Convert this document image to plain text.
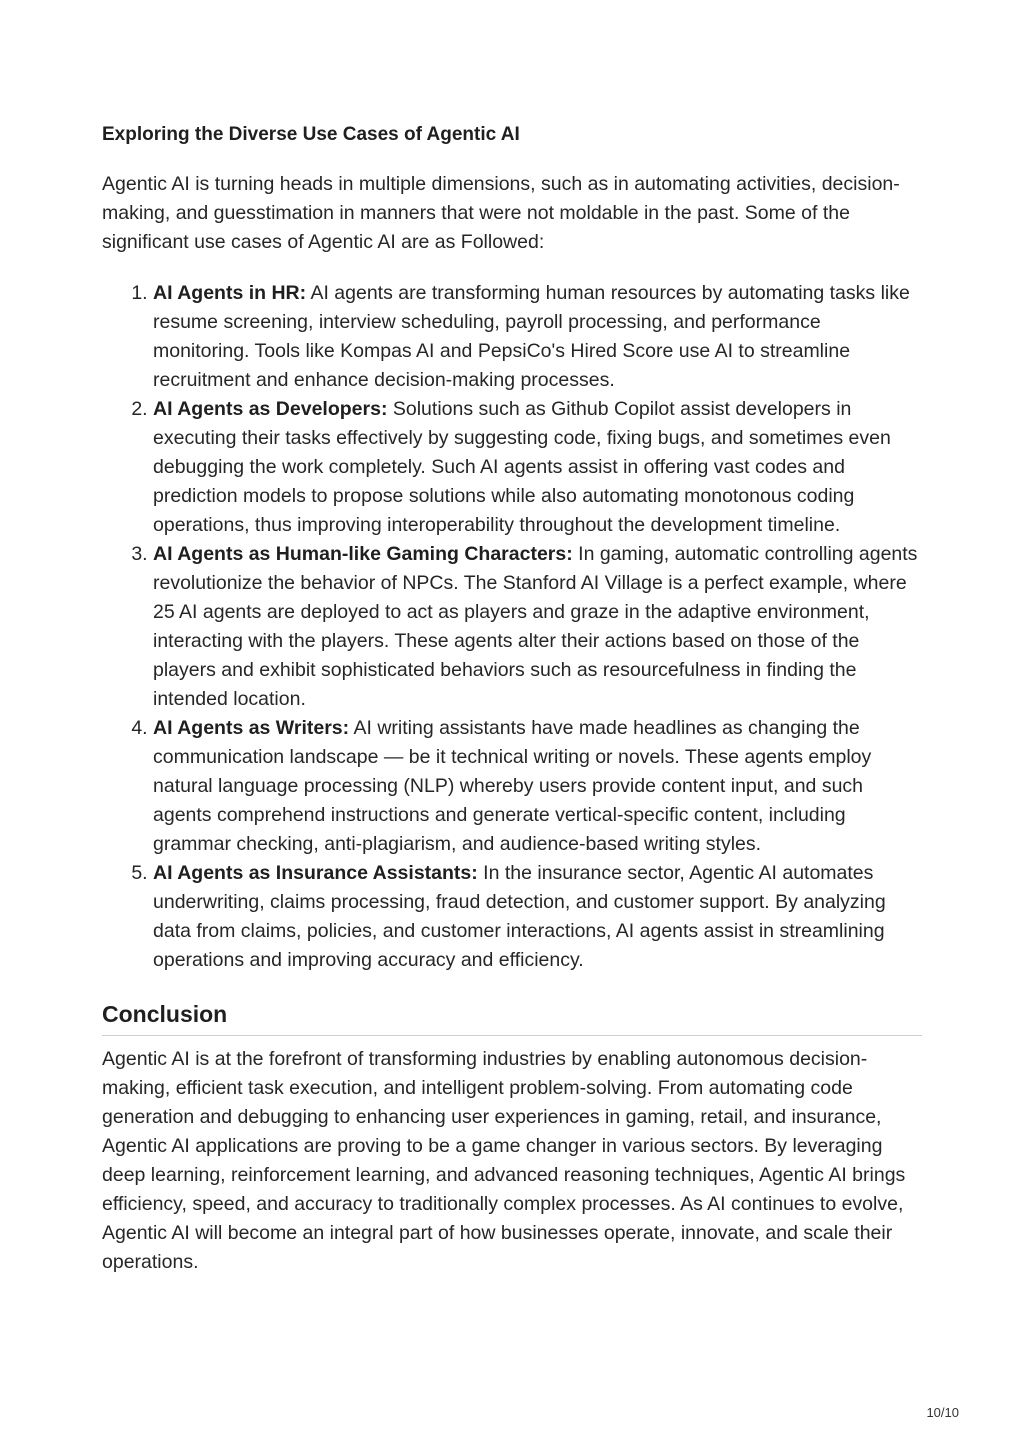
Exploring the Diverse Use Cases of Agentic AI

Agentic AI is turning heads in multiple dimensions, such as in automating activities, decision-making, and guesstimation in manners that were not moldable in the past. Some of the significant use cases of Agentic AI are as Followed:

1. AI Agents in HR: AI agents are transforming human resources by automating tasks like resume screening, interview scheduling, payroll processing, and performance monitoring. Tools like Kompas AI and PepsiCo's Hired Score use AI to streamline recruitment and enhance decision-making processes.
2. AI Agents as Developers: Solutions such as Github Copilot assist developers in executing their tasks effectively by suggesting code, fixing bugs, and sometimes even debugging the work completely. Such AI agents assist in offering vast codes and prediction models to propose solutions while also automating monotonous coding operations, thus improving interoperability throughout the development timeline.
3. AI Agents as Human-like Gaming Characters: In gaming, automatic controlling agents revolutionize the behavior of NPCs. The Stanford AI Village is a perfect example, where 25 AI agents are deployed to act as players and graze in the adaptive environment, interacting with the players. These agents alter their actions based on those of the players and exhibit sophisticated behaviors such as resourcefulness in finding the intended location.
4. AI Agents as Writers: AI writing assistants have made headlines as changing the communication landscape — be it technical writing or novels. These agents employ natural language processing (NLP) whereby users provide content input, and such agents comprehend instructions and generate vertical-specific content, including grammar checking, anti-plagiarism, and audience-based writing styles.
5. AI Agents as Insurance Assistants: In the insurance sector, Agentic AI automates underwriting, claims processing, fraud detection, and customer support. By analyzing data from claims, policies, and customer interactions, AI agents assist in streamlining operations and improving accuracy and efficiency.
Conclusion

Agentic AI is at the forefront of transforming industries by enabling autonomous decision-making, efficient task execution, and intelligent problem-solving. From automating code generation and debugging to enhancing user experiences in gaming, retail, and insurance, Agentic AI applications are proving to be a game changer in various sectors. By leveraging deep learning, reinforcement learning, and advanced reasoning techniques, Agentic AI brings efficiency, speed, and accuracy to traditionally complex processes. As AI continues to evolve, Agentic AI will become an integral part of how businesses operate, innovate, and scale their operations.

10/10
